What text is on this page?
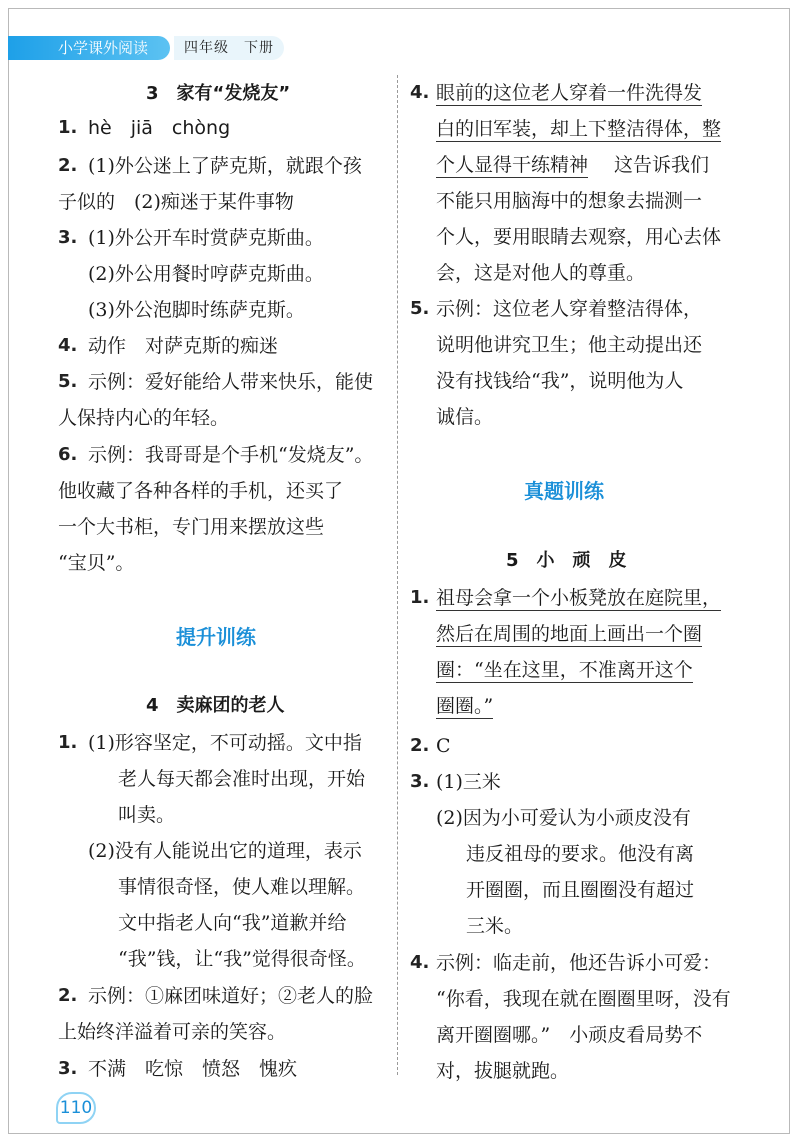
小学课外阅读	四年级　下册
3　家有“发烧友”
1. hè　jiā　chòng
2. (1)外公迷上了萨克斯，就跟个孩
子似的　(2)痴迷于某件事物
3. (1)外公开车时赏萨克斯曲。
(2)外公用餐时哼萨克斯曲。
(3)外公泡脚时练萨克斯。
4. 动作　对萨克斯的痴迷
5. 示例：爱好能给人带来快乐，能使
人保持内心的年轻。
6. 示例：我哥哥是个手机“发烧友”。
他收藏了各种各样的手机，还买了
一个大书柜，专门用来摆放这些
“宝贝”。
提升训练
4　卖麻团的老人
1. (1)形容坚定，不可动摇。文中指
老人每天都会准时出现，开始
叫卖。
(2)没有人能说出它的道理，表示
事情很奇怪，使人难以理解。
文中指老人向“我”道歉并给
“我”钱，让“我”觉得很奇怪。
2. 示例：①麻团味道好；②老人的脸
上始终洋溢着可亲的笑容。
3. 不满　吃惊　愤怒　愧疚
4. 眼前的这位老人穿着一件洗得发
白的旧军装，却上下整洁得体，整
个人显得干练精神 这告诉我们
不能只用脑海中的想象去揣测一
个人，要用眼睛去观察，用心去体
会，这是对他人的尊重。
5. 示例：这位老人穿着整洁得体，
说明他讲究卫生；他主动提出还
没有找钱给“我”，说明他为人
诚信。
真题训练
5　小　顽　皮
1. 祖母会拿一个小板凳放在庭院里，
然后在周围的地面上画出一个圈
圈：“坐在这里，不准离开这个
圈圈。”
2. C
3. (1)三米
(2)因为小可爱认为小顽皮没有
违反祖母的要求。他没有离
开圈圈，而且圈圈没有超过
三米。
4. 示例：临走前，他还告诉小可爱：
“你看，我现在就在圈圈里呀，没有
离开圈圈哪。”　小顽皮看局势不
对，拔腿就跑。
110
